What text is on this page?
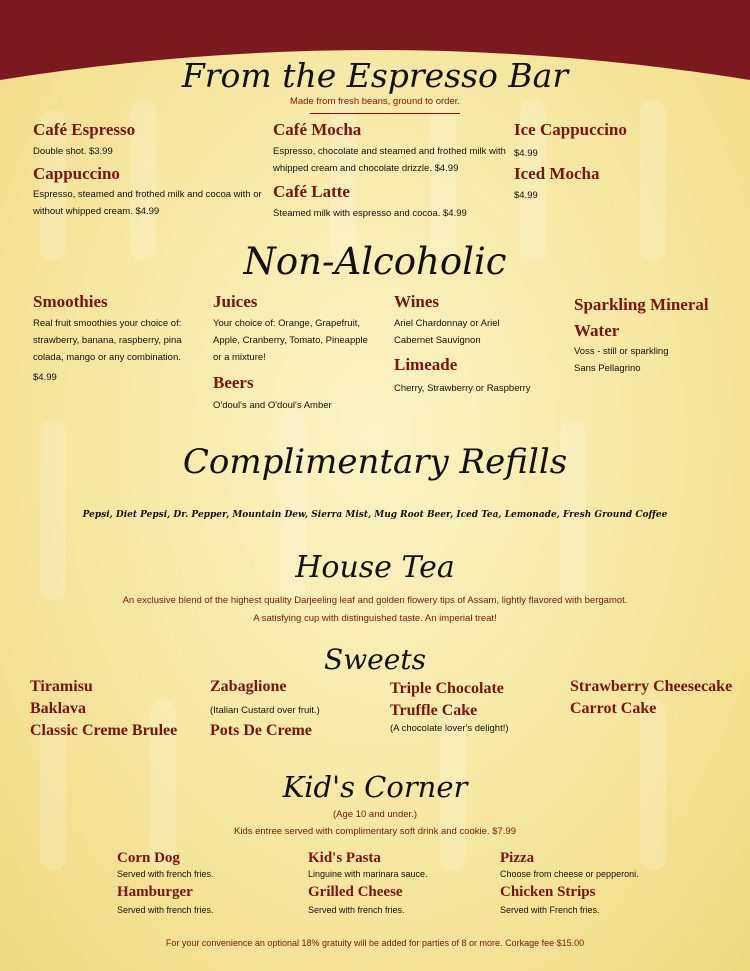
From the Espresso Bar
Made from fresh beans, ground to order.
Café Espresso
Double shot. $3.99
Cappuccino
Espresso, steamed and frothed milk and cocoa with or without whipped cream. $4.99
Café Mocha
Espresso, chocolate and steamed and frothed milk with whipped cream and chocolate drizzle. $4.99
Café Latte
Steamed milk with espresso and cocoa. $4.99
Ice Cappuccino
$4.99
Iced Mocha
$4.99
Non-Alcoholic
Smoothies
Real fruit smoothies your choice of: strawberry, banana, raspberry, pina colada, mango or any combination.
$4.99
Juices
Your choice of: Orange, Grapefruit, Apple, Cranberry, Tomato, Pineapple or a mixture!
Beers
O'doul's and O'doul's Amber
Wines
Ariel Chardonnay or Ariel Cabernet Sauvignon
Limeade
Cherry, Strawberry or Raspberry
Sparkling Mineral Water
Voss - still or sparkling Sans Pellagrino
Complimentary Refills
Pepsi, Diet Pepsi, Dr. Pepper, Mountain Dew, Sierra Mist, Mug Root Beer, Iced Tea, Lemonade, Fresh Ground Coffee
House Tea
An exclusive blend of the highest quality Darjeeling leaf and golden flowery tips of Assam, lightly flavored with bergamot.
A satisfying cup with distinguished taste. An imperial treat!
Sweets
Tiramisu
Baklava
Classic Creme Brulee
Zabaglione
(Italian Custard over fruit.)
Pots De Creme
Triple Chocolate Truffle Cake
(A chocolate lover's delight!)
Strawberry Cheesecake
Carrot Cake
Kid's Corner
(Age 10 and under.)
Kids entree served with complimentary soft drink and cookie. $7.99
Corn Dog
Served with french fries.
Hamburger
Served with french fries.
Kid's Pasta
Linguine with marinara sauce.
Grilled Cheese
Served with french fries.
Pizza
Choose from cheese or pepperoni.
Chicken Strips
Served with French fries.
For your convenience an optional 18% gratuity will be added for parties of 8 or more. Corkage fee $15.00
